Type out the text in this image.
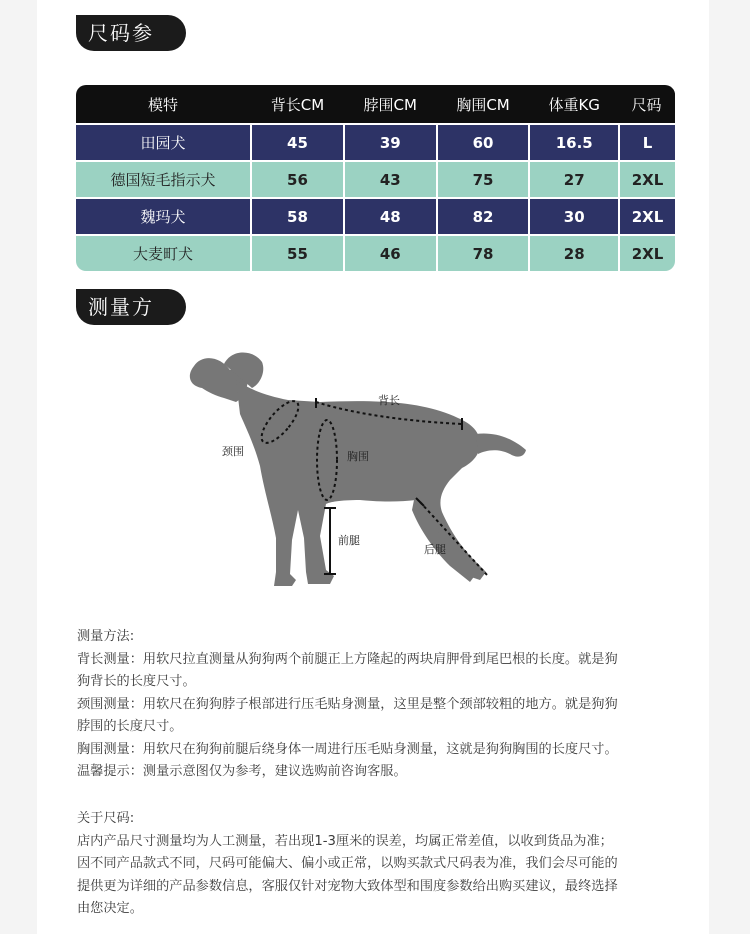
尺码参考
模特	背长CM	脖围CM	胸围CM	体重KG	尺码
田园犬	45	39	60	16.5	L
德国短毛指示犬	56	43	75	27	2XL
魏玛犬	58	48	82	30	2XL
大麦町犬	55	46	78	28	2XL
测量方法
背长
颈围	胸围
前腿
后腿

测量方法:

背长测量：用软尺拉直测量从狗狗两个前腿正上方隆起的两块肩胛骨到尾巴根的长度。就是狗

狗背长的长度尺寸。

颈围测量：用软尺在狗狗脖子根部进行压毛贴身测量，这里是整个颈部较粗的地方。就是狗狗

脖围的长度尺寸。

胸围测量：用软尺在狗狗前腿后绕身体一周进行压毛贴身测量，这就是狗狗胸围的长度尺寸。

温馨提示：测量示意图仅为参考，建议选购前咨询客服。

关于尺码:

店内产品尺寸测量均为人工测量，若出现1-3厘米的误差，均属正常差值，以收到货品为准；

因不同产品款式不同，尺码可能偏大、偏小或正常，以购买款式尺码表为准，我们会尽可能的

提供更为详细的产品参数信息，客服仅针对宠物大致体型和围度参数给出购买建议，最终选择

由您决定。
